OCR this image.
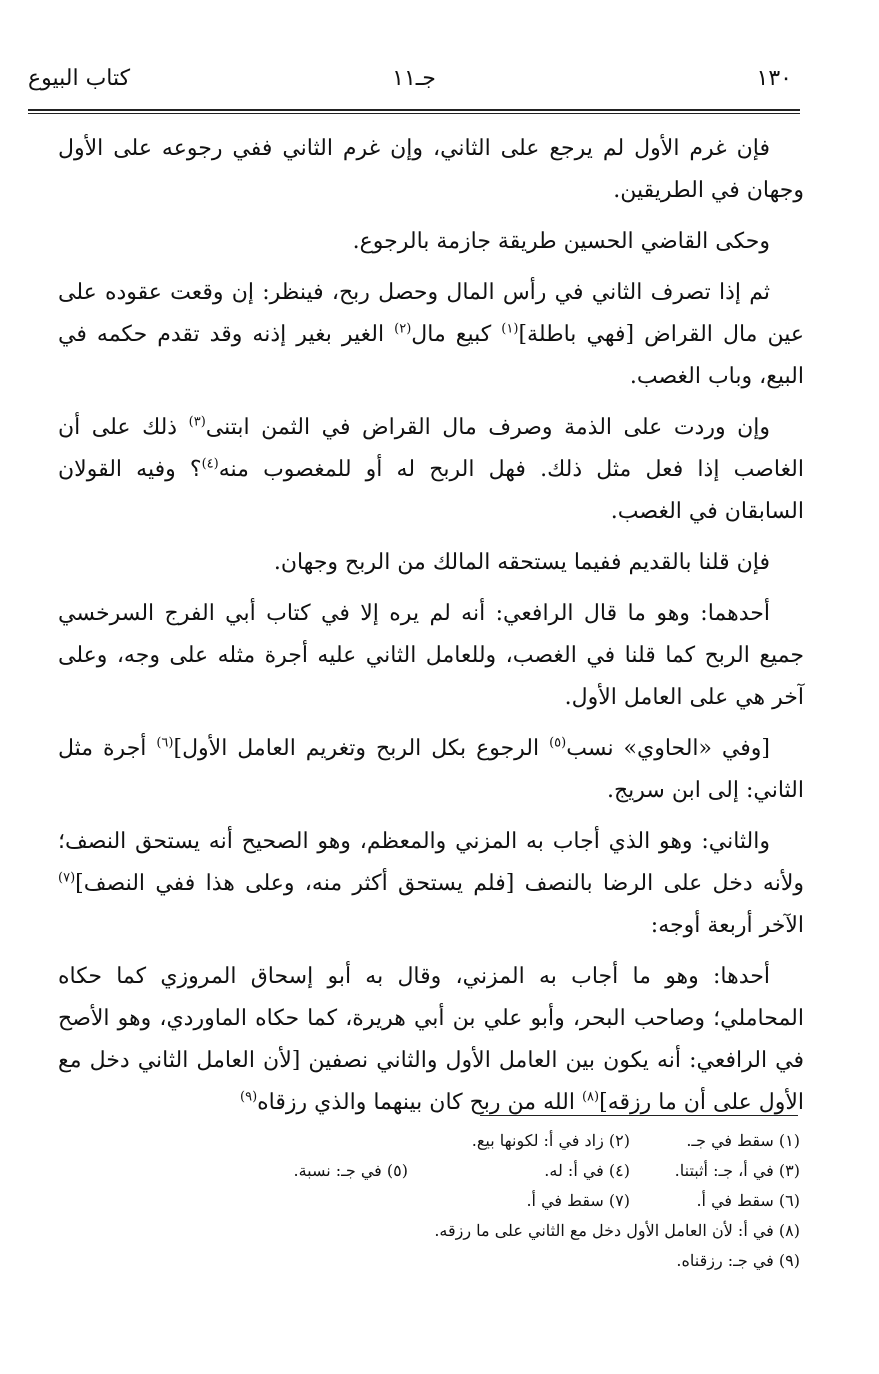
١٣٠
جـ١١
كتاب البيوع

فإن غرم الأول لم يرجع على الثاني، وإن غرم الثاني ففي رجوعه على الأول وجهان في الطريقين.

وحكى القاضي الحسين طريقة جازمة بالرجوع.

ثم إذا تصرف الثاني في رأس المال وحصل ربح، فينظر: إن وقعت عقوده على عين مال القراض [فهي باطلة]$^{(١)}$ كبيع مال$^{(٢)}$ الغير بغير إذنه وقد تقدم حكمه في البيع، وباب الغصب.

وإن وردت على الذمة وصرف مال القراض في الثمن ابتنى$^{(٣)}$ ذلك على أن الغاصب إذا فعل مثل ذلك. فهل الربح له أو للمغصوب منه$^{(٤)}$؟ وفيه القولان السابقان في الغصب.

فإن قلنا بالقديم ففيما يستحقه المالك من الربح وجهان.

أحدهما: وهو ما قال الرافعي: أنه لم يره إلا في كتاب أبي الفرج السرخسي جميع الربح كما قلنا في الغصب، وللعامل الثاني عليه أجرة مثله على وجه، وعلى آخر هي على العامل الأول.

[وفي «الحاوي» نسب$^{(٥)}$ الرجوع بكل الربح وتغريم العامل الأول]$^{(٦)}$ أجرة مثل الثاني: إلى ابن سريج.

والثاني: وهو الذي أجاب به المزني والمعظم، وهو الصحيح أنه يستحق النصف؛ ولأنه دخل على الرضا بالنصف [فلم يستحق أكثر منه، وعلى هذا ففي النصف]$^{(٧)}$ الآخر أربعة أوجه:

أحدها: وهو ما أجاب به المزني، وقال به أبو إسحاق المروزي كما حكاه المحاملي؛ وصاحب البحر، وأبو علي بن أبي هريرة، كما حكاه الماوردي، وهو الأصح في الرافعي: أنه يكون بين العامل الأول والثاني نصفين [لأن العامل الثاني دخل مع الأول على أن ما رزقه]$^{(٨)}$ الله من ربح كان بينهما والذي رزقاه$^{(٩)}$

(١) سقط في جـ.
(٢) زاد في أ: لكونها بيع.
(٣) في أ، جـ: أثبتنا.
(٤) في أ: له.
(٥) في جـ: نسبة.
(٦) سقط في أ.
(٧) سقط في أ.
(٨) في أ: لأن العامل الأول دخل مع الثاني على ما رزقه.
(٩) في جـ: رزقناه.
